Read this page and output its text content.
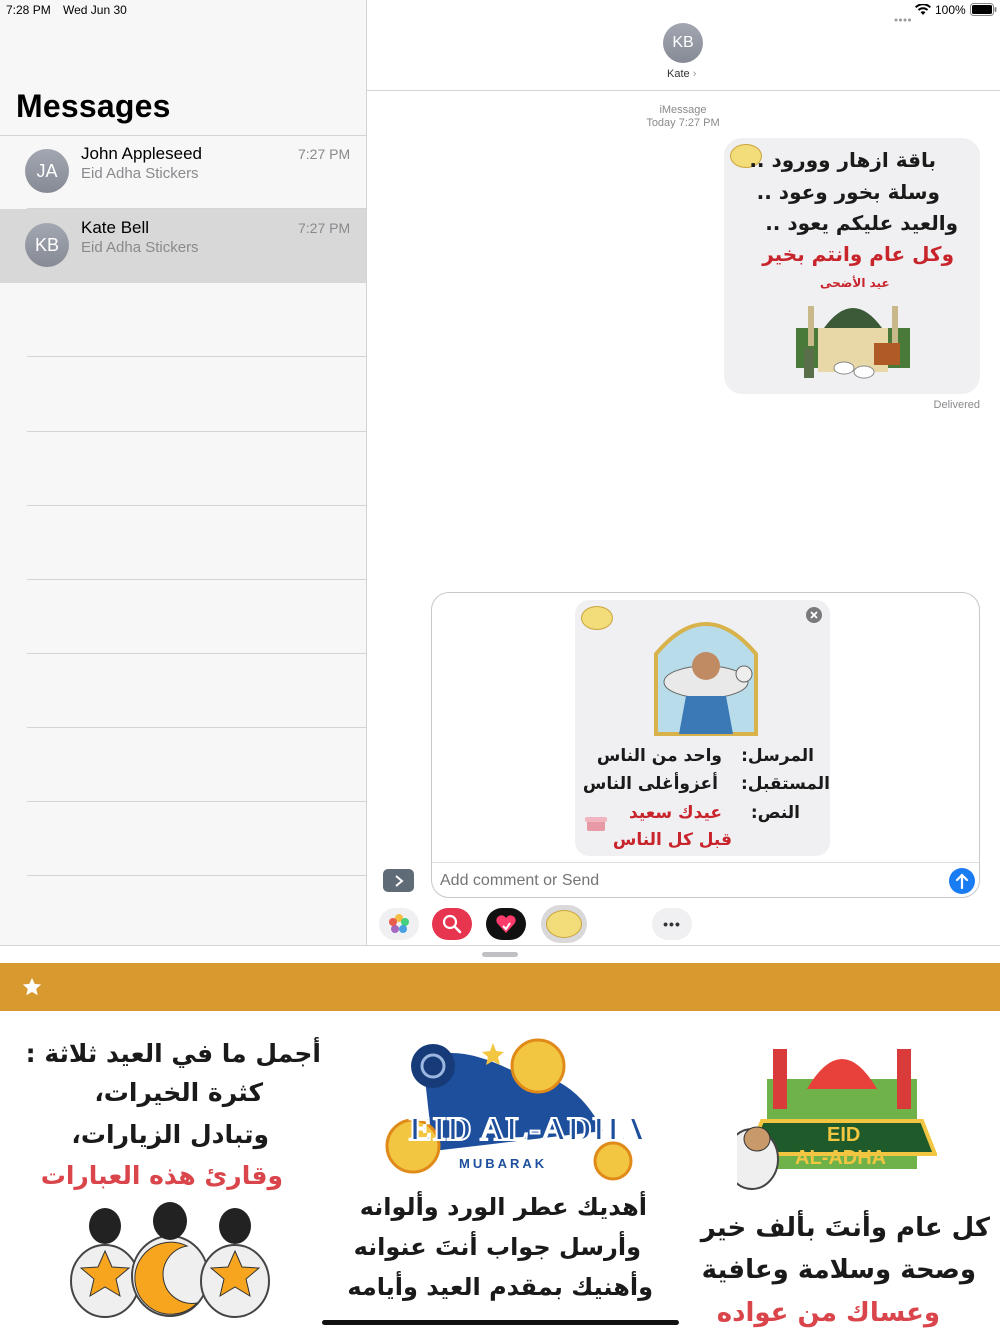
7:28 PM Wed Jun 30
Messages
JA
John Appleseed
Eid Adha Stickers
7:27 PM
KB
Kate Bell
Eid Adha Stickers
7:27 PM
100%
KB
Kate ›
iMessage
Today 7:27 PM
باقة ازهار وورود ..
وسلة بخور وعود ..
والعيد عليكم يعود ..
وكل عام وانتم بخير
عيد الأضحى
Delivered
المرسل:
المستقبل:
النص:
واحد من الناس
أعزوأغلى الناس
عيدك سعيد
قبل كل الناس
Add comment or Send
•••
أجمل ما في العيد ثلاثة :
كثرة الخيرات،
وتبادل الزيارات،
وقارئ هذه العبارات
EID AL-ADHA
MUBARAK
أهديك عطر الورد وألوانه
وأرسل جواب أنتَ عنوانه
وأهنيك بمقدم العيد وأيامه
EID
AL-ADHA
كل عام وأنتَ بألف خير
وصحة وسلامة وعافية
وعساك من عواده
